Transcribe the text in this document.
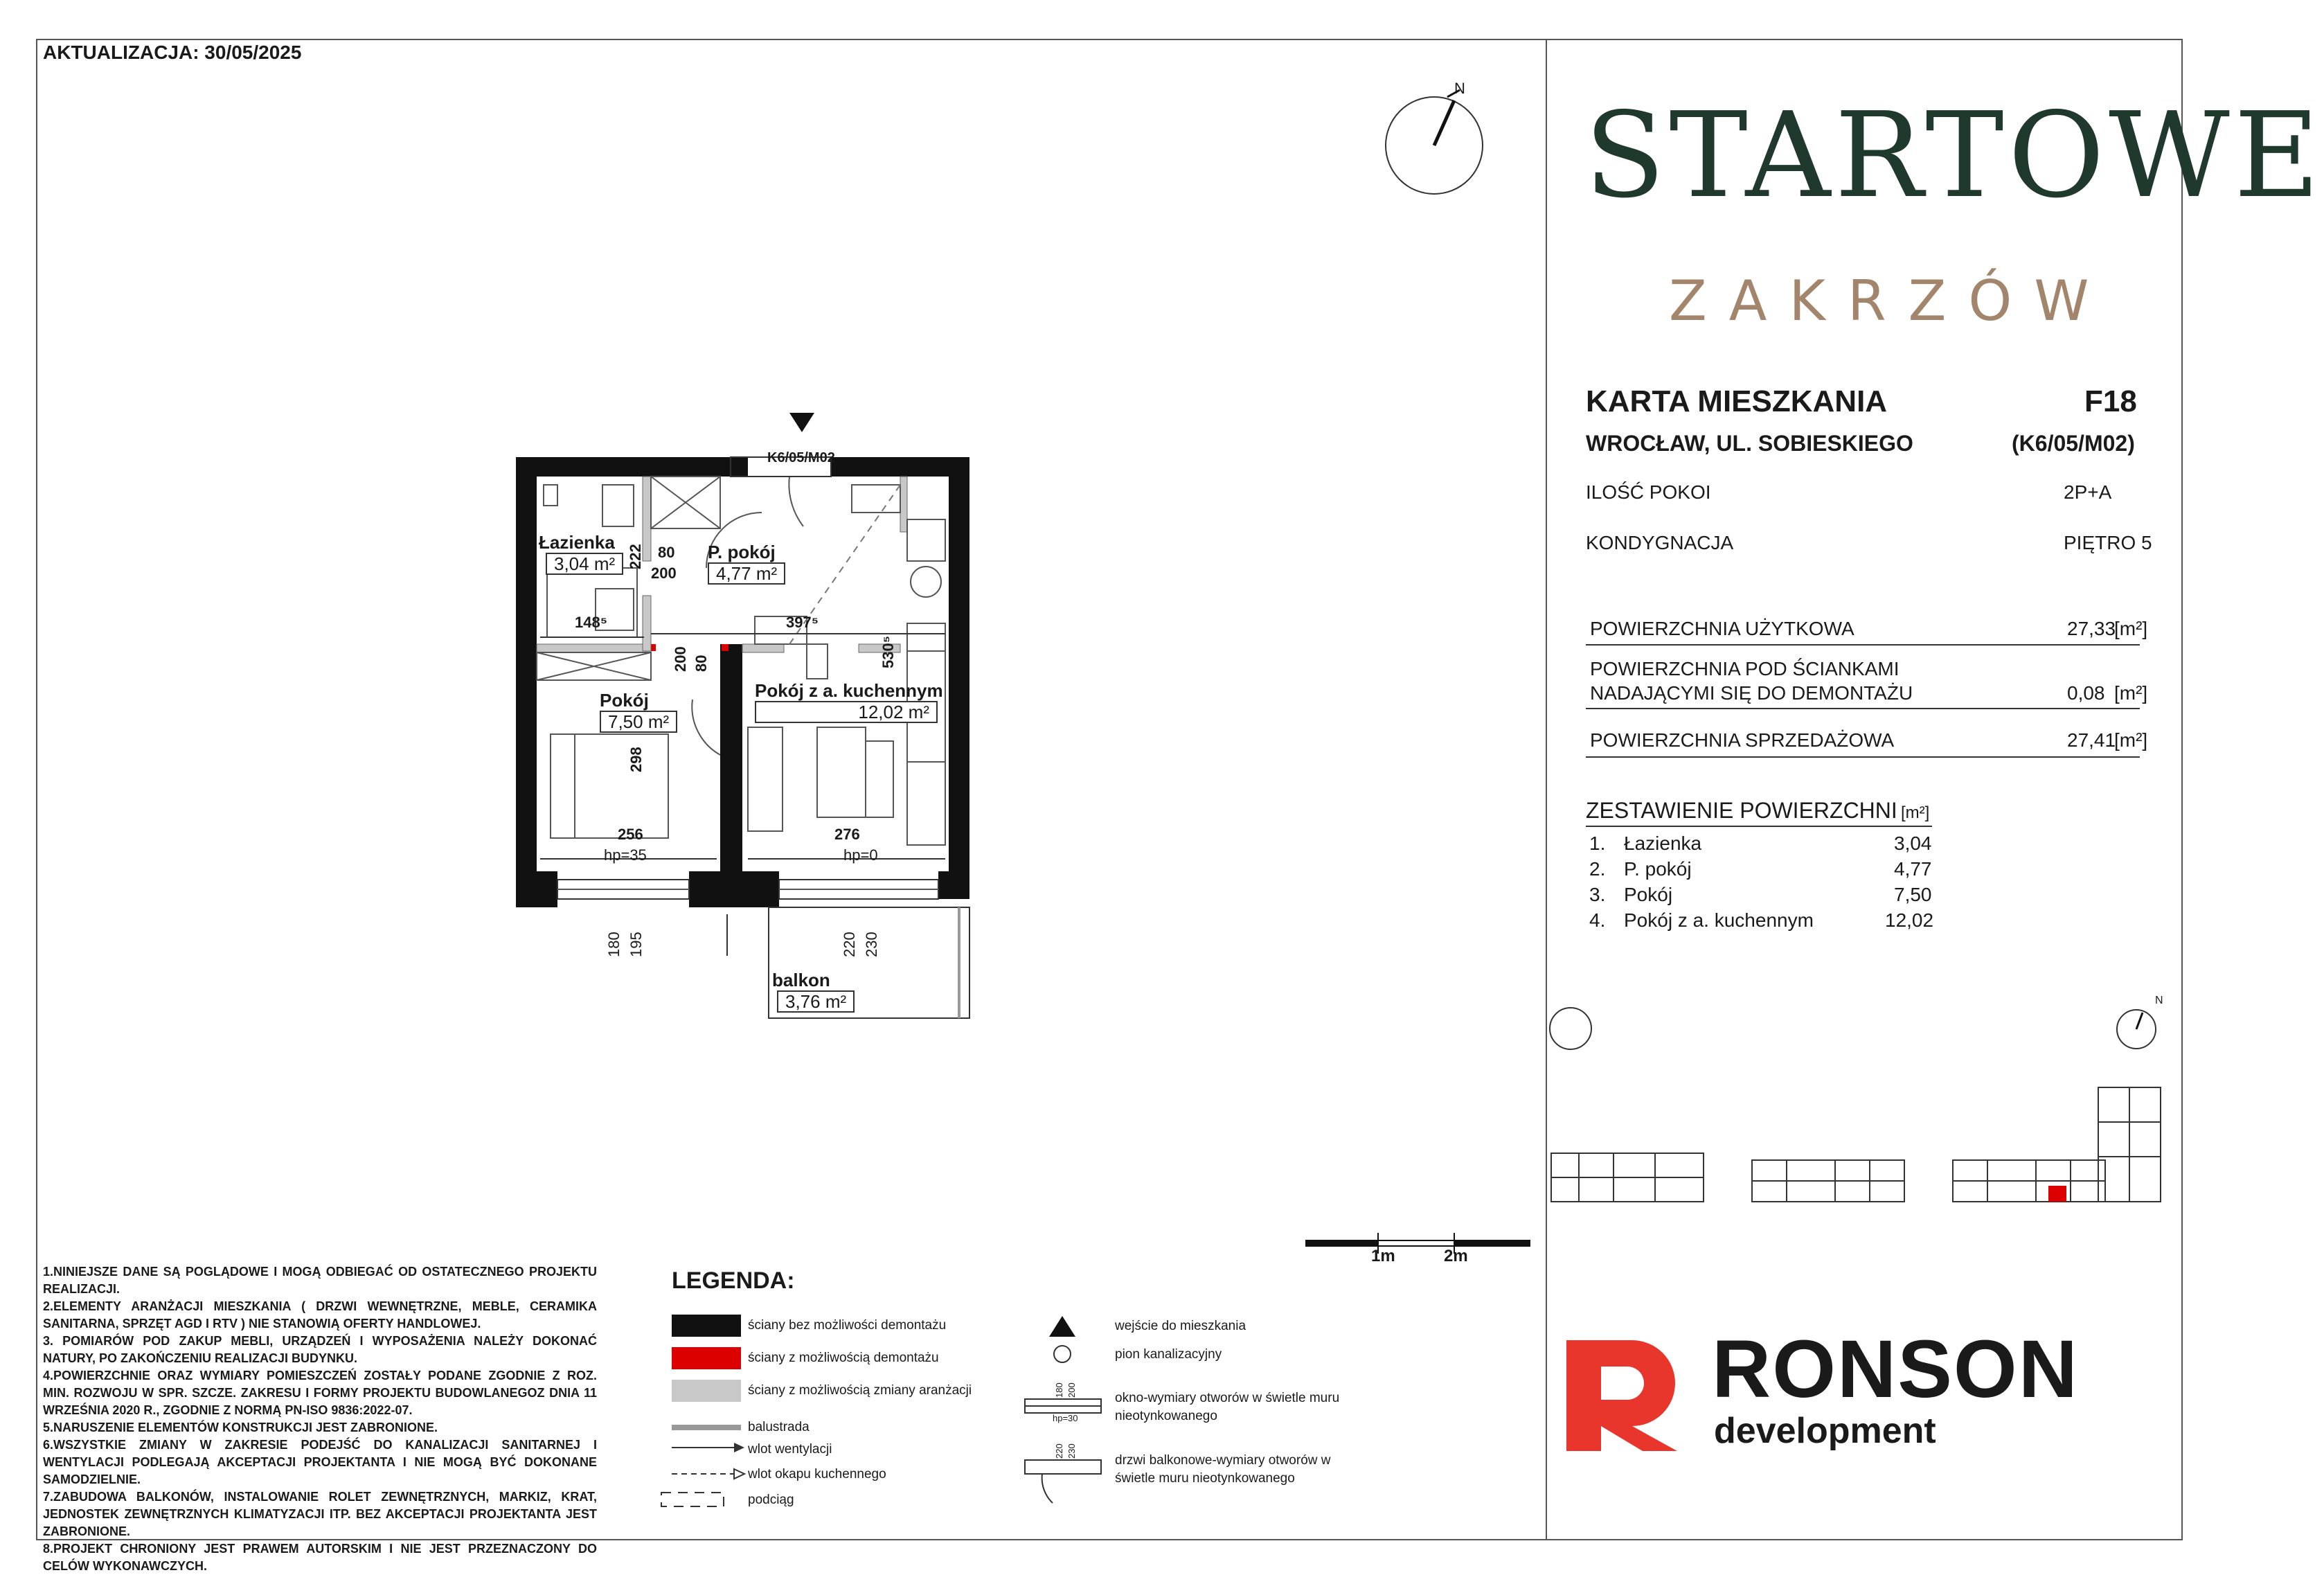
AKTUALIZACJA: 30/05/2025
K6/05/M02
N
Łazienka
3,04 m²
P. pokój
4,77 m²
Pokój
7,50 m²
Pokój z a. kuchennym
12,02 m²
balkon
3,76 m²
80
200
222
148⁵	397⁵
530⁵
200 80
298
256	276
hp=35	hp=0
180 195	220 230
1m	2m
1.NINIEJSZE DANE SĄ POGLĄDOWE I MOGĄ ODBIEGAĆ OD OSTATECZNEGO PROJEKTU REALIZACJI.
2.ELEMENTY ARANŻACJI MIESZKANIA ( DRZWI WEWNĘTRZNE, MEBLE, CERAMIKA SANITARNA, SPRZĘT AGD I RTV ) NIE STANOWIĄ OFERTY HANDLOWEJ.
3. POMIARÓW POD ZAKUP MEBLI, URZĄDZEŃ I WYPOSAŻENIA NALEŻY DOKONAĆ NATURY, PO ZAKOŃCZENIU REALIZACJI BUDYNKU.
4.POWIERZCHNIE ORAZ WYMIARY POMIESZCZEŃ ZOSTAŁY PODANE ZGODNIE Z ROZ. MIN. ROZWOJU W SPR. SZCZE. ZAKRESU I FORMY PROJEKTU BUDOWLANEGOZ DNIA 11 WRZEŚNIA 2020 R., ZGODNIE Z NORMĄ PN-ISO 9836:2022-07.
5.NARUSZENIE ELEMENTÓW KONSTRUKCJI JEST ZABRONIONE.
6.WSZYSTKIE ZMIANY W ZAKRESIE PODEJŚĆ DO KANALIZACJI SANITARNEJ I WENTYLACJI PODLEGAJĄ AKCEPTACJI PROJEKTANTA I NIE MOGĄ BYĆ DOKONANE SAMODZIELNIE.
7.ZABUDOWA BALKONÓW, INSTALOWANIE ROLET ZEWNĘTRZNYCH, MARKIZ, KRAT, JEDNOSTEK ZEWNĘTRZNYCH KLIMATYZACJI ITP. BEZ AKCEPTACJI PROJEKTANTA JEST ZABRONIONE.
8.PROJEKT CHRONIONY JEST PRAWEM AUTORSKIM I NIE JEST PRZEZNACZONY DO CELÓW WYKONAWCZYCH.
LEGENDA:
ściany bez możliwości demontażu
ściany z możliwością demontażu
ściany z możliwością zmiany aranżacji
balustrada
wlot wentylacji
wlot okapu kuchennego
podciąg
wejście do mieszkania
pion kanalizacyjny
okno-wymiary otworów w świetle muru nieotynkowanego
drzwi balkonowe-wymiary otworów w świetle muru nieotynkowanego
180 200
hp=30
220 230
STARTOWE
ZAKRZÓW
KARTA MIESZKANIA	F18
WROCŁAW, UL. SOBIESKIEGO	(K6/05/M02)
ILOŚĆ POKOI	2P+A
KONDYGNACJA	PIĘTRO 5
POWIERZCHNIA UŻYTKOWA	27,33
[m²]
POWIERZCHNIA POD ŚCIANKAMI
NADAJĄCYMI SIĘ DO DEMONTAŻU	0,08 [m²]
POWIERZCHNIA SPRZEDAŻOWA	27,41
[m²]
ZESTAWIENIE POWIERZCHNI [m²]
1. Łazienka	3,04
2. P. pokój	4,77
3. Pokój	7,50
4. Pokój z a. kuchennym	12,02
N
RONSON
development
